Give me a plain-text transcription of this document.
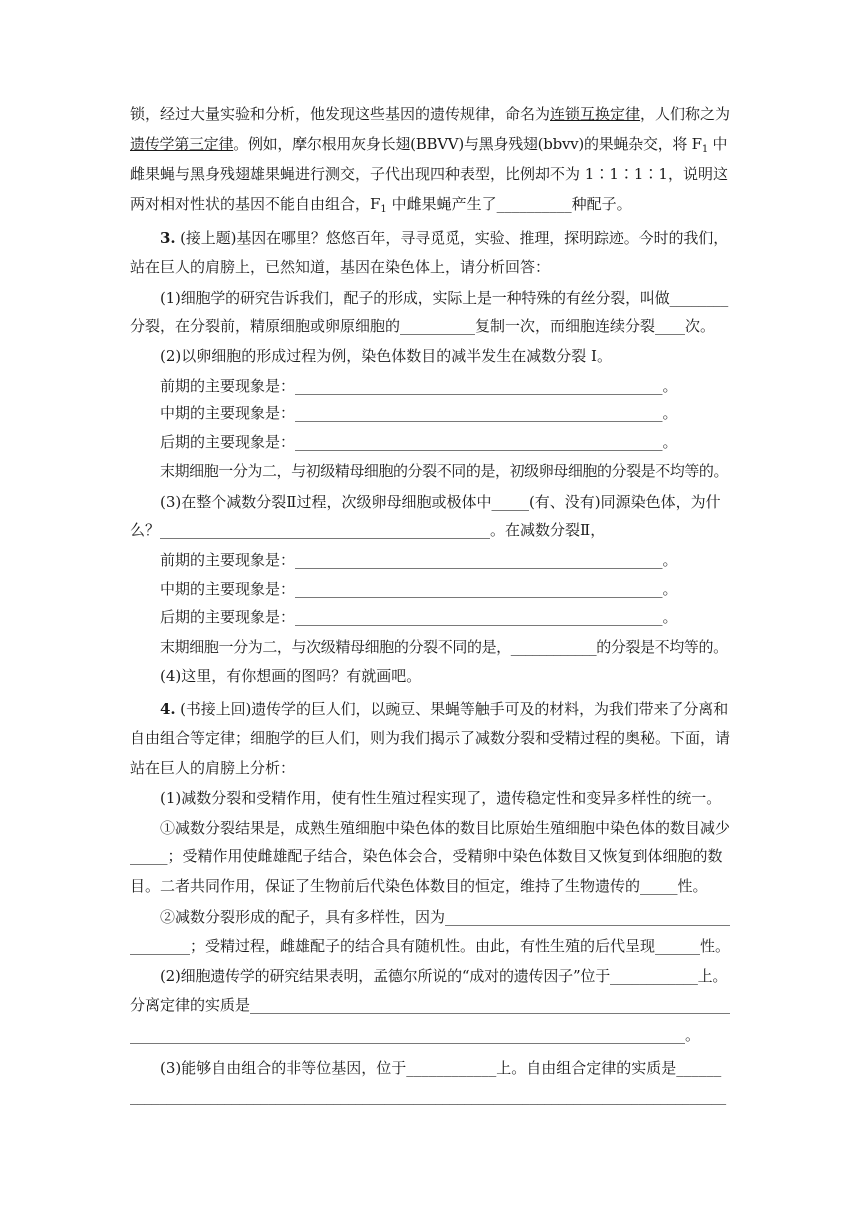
锁，经过大量实验和分析，他发现这些基因的遗传规律，命名为连锁互换定律，人们称之为
遗传学第三定律。例如，摩尔根用灰身长翅(BBVV)与黑身残翅(bbvv)的果蝇杂交，将 $F_1$ 中
雌果蝇与黑身残翅雄果蝇进行测交，子代出现四种表型，比例却不为 1∶1∶1∶1，说明这
两对相对性状的基因不能自由组合，$F_1$ 中雌果蝇产生了__________种配子。
3. (接上题)基因在哪里？悠悠百年，寻寻觅觅，实验、推理，探明踪迹。今时的我们，
站在巨人的肩膀上，已然知道，基因在染色体上，请分析回答：
(1)细胞学的研究告诉我们，配子的形成，实际上是一种特殊的有丝分裂，叫做________
分裂，在分裂前，精原细胞或卵原细胞的__________复制一次，而细胞连续分裂____次。
(2)以卵细胞的形成过程为例，染色体数目的减半发生在减数分裂 I。
前期的主要现象是：_________________________________________________。
中期的主要现象是：_________________________________________________。
后期的主要现象是：_________________________________________________。
末期细胞一分为二，与初级精母细胞的分裂不同的是，初级卵母细胞的分裂是不均等的。
(3)在整个减数分裂Ⅱ过程，次级卵母细胞或极体中_____(有、没有)同源染色体，为什
么？____________________________________________。在减数分裂Ⅱ，
前期的主要现象是：_________________________________________________。
中期的主要现象是：_________________________________________________。
后期的主要现象是：_________________________________________________。
末期细胞一分为二，与次级精母细胞的分裂不同的是，____________的分裂是不均等的。
(4)这里，有你想画的图吗？有就画吧。
4. (书接上回)遗传学的巨人们，以豌豆、果蝇等触手可及的材料，为我们带来了分离和
自由组合等定律；细胞学的巨人们，则为我们揭示了减数分裂和受精过程的奥秘。下面，请
站在巨人的肩膀上分析：
(1)减数分裂和受精作用，使有性生殖过程实现了，遗传稳定性和变异多样性的统一。
①减数分裂结果是，成熟生殖细胞中染色体的数目比原始生殖细胞中染色体的数目减少
_____；受精作用使雌雄配子结合，染色体会合，受精卵中染色体数目又恢复到体细胞的数
目。二者共同作用，保证了生物前后代染色体数目的恒定，维持了生物遗传的_____性。
②减数分裂形成的配子，具有多样性，因为______________________________________
________；受精过程，雌雄配子的结合具有随机性。由此，有性生殖的后代呈现______性。
(2)细胞遗传学的研究结果表明，孟德尔所说的“成对的遗传因子”位于____________上。
分离定律的实质是________________________________________________________________
__________________________________________________________________________。
(3)能够自由组合的非等位基因，位于____________上。自由组合定律的实质是______
__________________________________________________________________________________
